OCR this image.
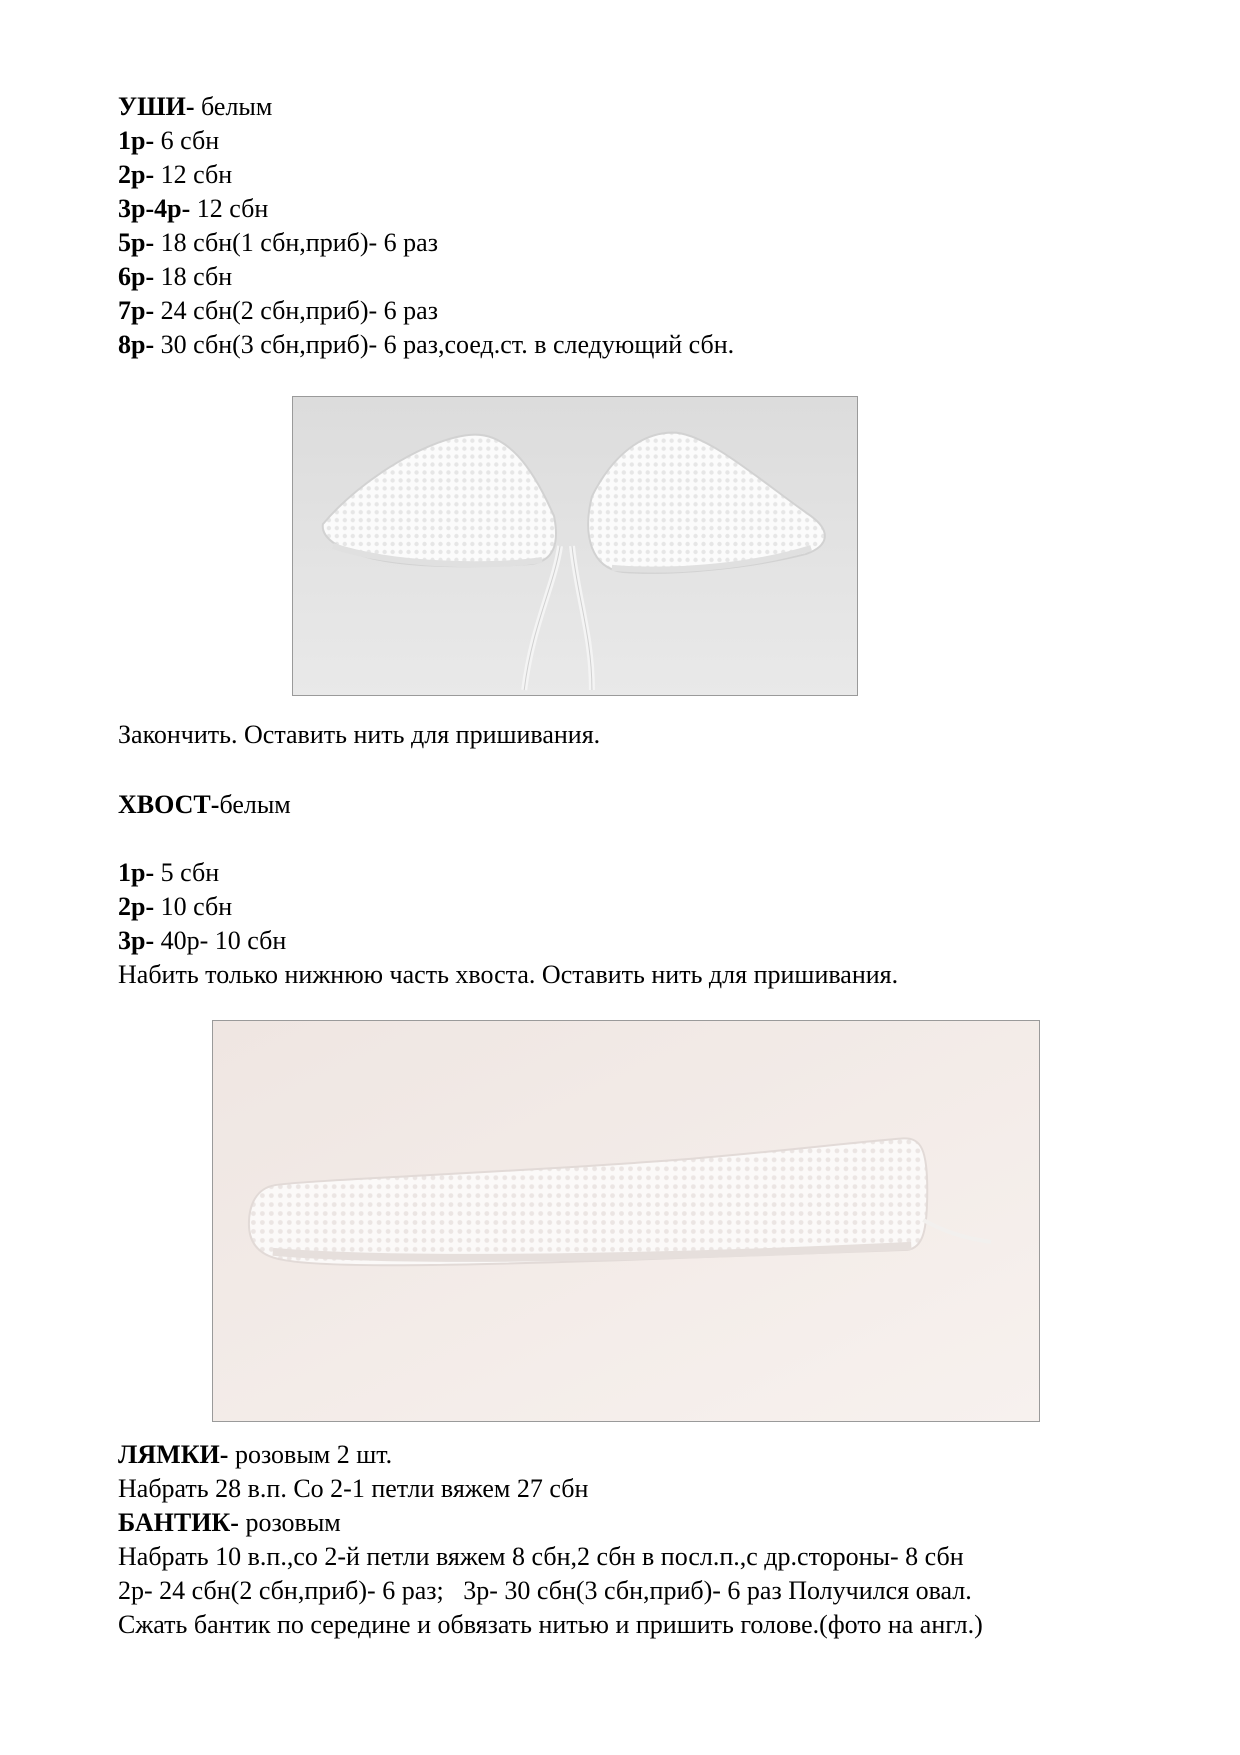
УШИ- белым
1р- 6 сбн
2р- 12 сбн
3р-4р- 12 сбн
5р- 18 сбн(1 сбн,приб)- 6 раз
6р- 18 сбн
7р- 24 сбн(2 сбн,приб)- 6 раз
8р- 30 сбн(3 сбн,приб)- 6 раз,соед.ст. в следующий сбн.
Закончить. Оставить нить для пришивания.
ХВОСТ-белым
1р- 5 сбн
2р- 10 сбн
3р- 40р- 10 сбн
Набить только нижнюю часть хвоста. Оставить нить для пришивания.
ЛЯМКИ- розовым 2 шт.
Набрать 28 в.п. Со 2-1 петли вяжем 27 сбн
БАНТИК- розовым
Набрать 10 в.п.,со 2-й петли вяжем 8 сбн,2 сбн в посл.п.,с др.стороны- 8 сбн
2р- 24 сбн(2 сбн,приб)- 6 раз;   3р- 30 сбн(3 сбн,приб)- 6 раз Получился овал.
Сжать бантик по середине и обвязать нитью и пришить голове.(фото на англ.)
